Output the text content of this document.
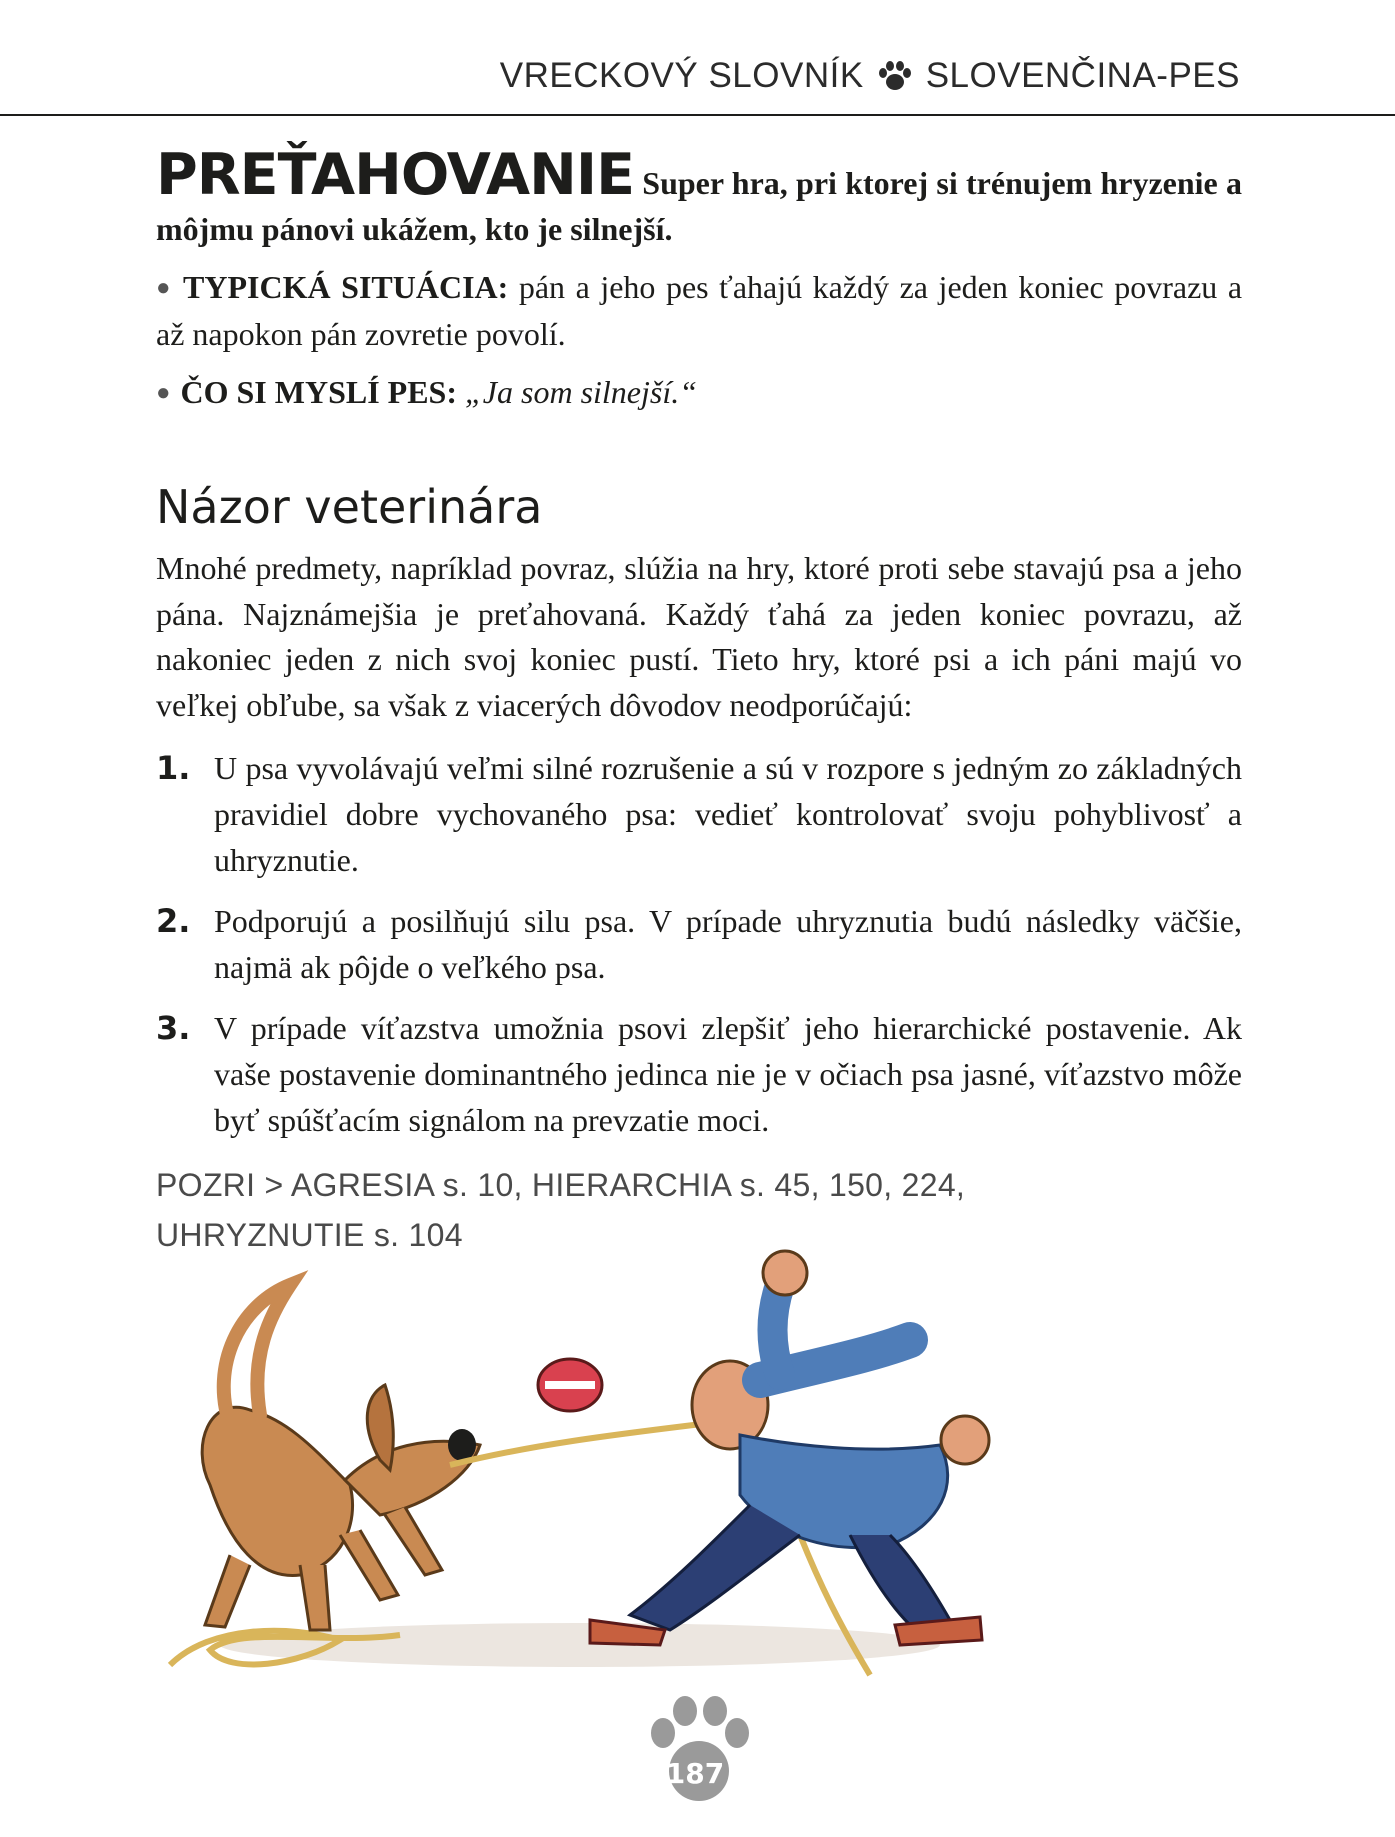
VRECKOVÝ SLOVNÍK SLOVENČINA-PES

PREŤAHOVANIE Super hra, pri ktorej si trénujem hryzenie a môjmu pánovi ukážem, kto je silnejší.

● TYPICKÁ SITUÁCIA: pán a jeho pes ťahajú každý za jeden koniec povrazu a až napokon pán zovretie povolí.

● ČO SI MYSLÍ PES: „Ja som silnejší.“

Názor veterinára

Mnohé predmety, napríklad povraz, slúžia na hry, ktoré proti sebe stavajú psa a jeho pána. Najznámejšia je preťahovaná. Každý ťahá za jeden koniec povrazu, až nakoniec jeden z nich svoj koniec pustí. Tieto hry, ktoré psi a ich páni majú vo veľkej obľube, sa však z viacerých dôvodov neodporúčajú:

1. U psa vyvolávajú veľmi silné rozrušenie a sú v rozpore s jedným zo základných pravidiel dobre vychovaného psa: vedieť kontrolovať svoju pohyblivosť a uhryznutie.
2. Podporujú a posilňujú silu psa. V prípade uhryznutia budú následky väčšie, najmä ak pôjde o veľkého psa.
3. V prípade víťazstva umožnia psovi zlepšiť jeho hierarchické postavenie. Ak vaše postavenie dominantného jedinca nie je v očiach psa jasné, víťazstvo môže byť spúšťacím signálom na prevzatie moci.
POZRI > AGRESIA s. 10, HIERARCHIA s. 45, 150, 224,
UHRYZNUTIE s. 104
187
